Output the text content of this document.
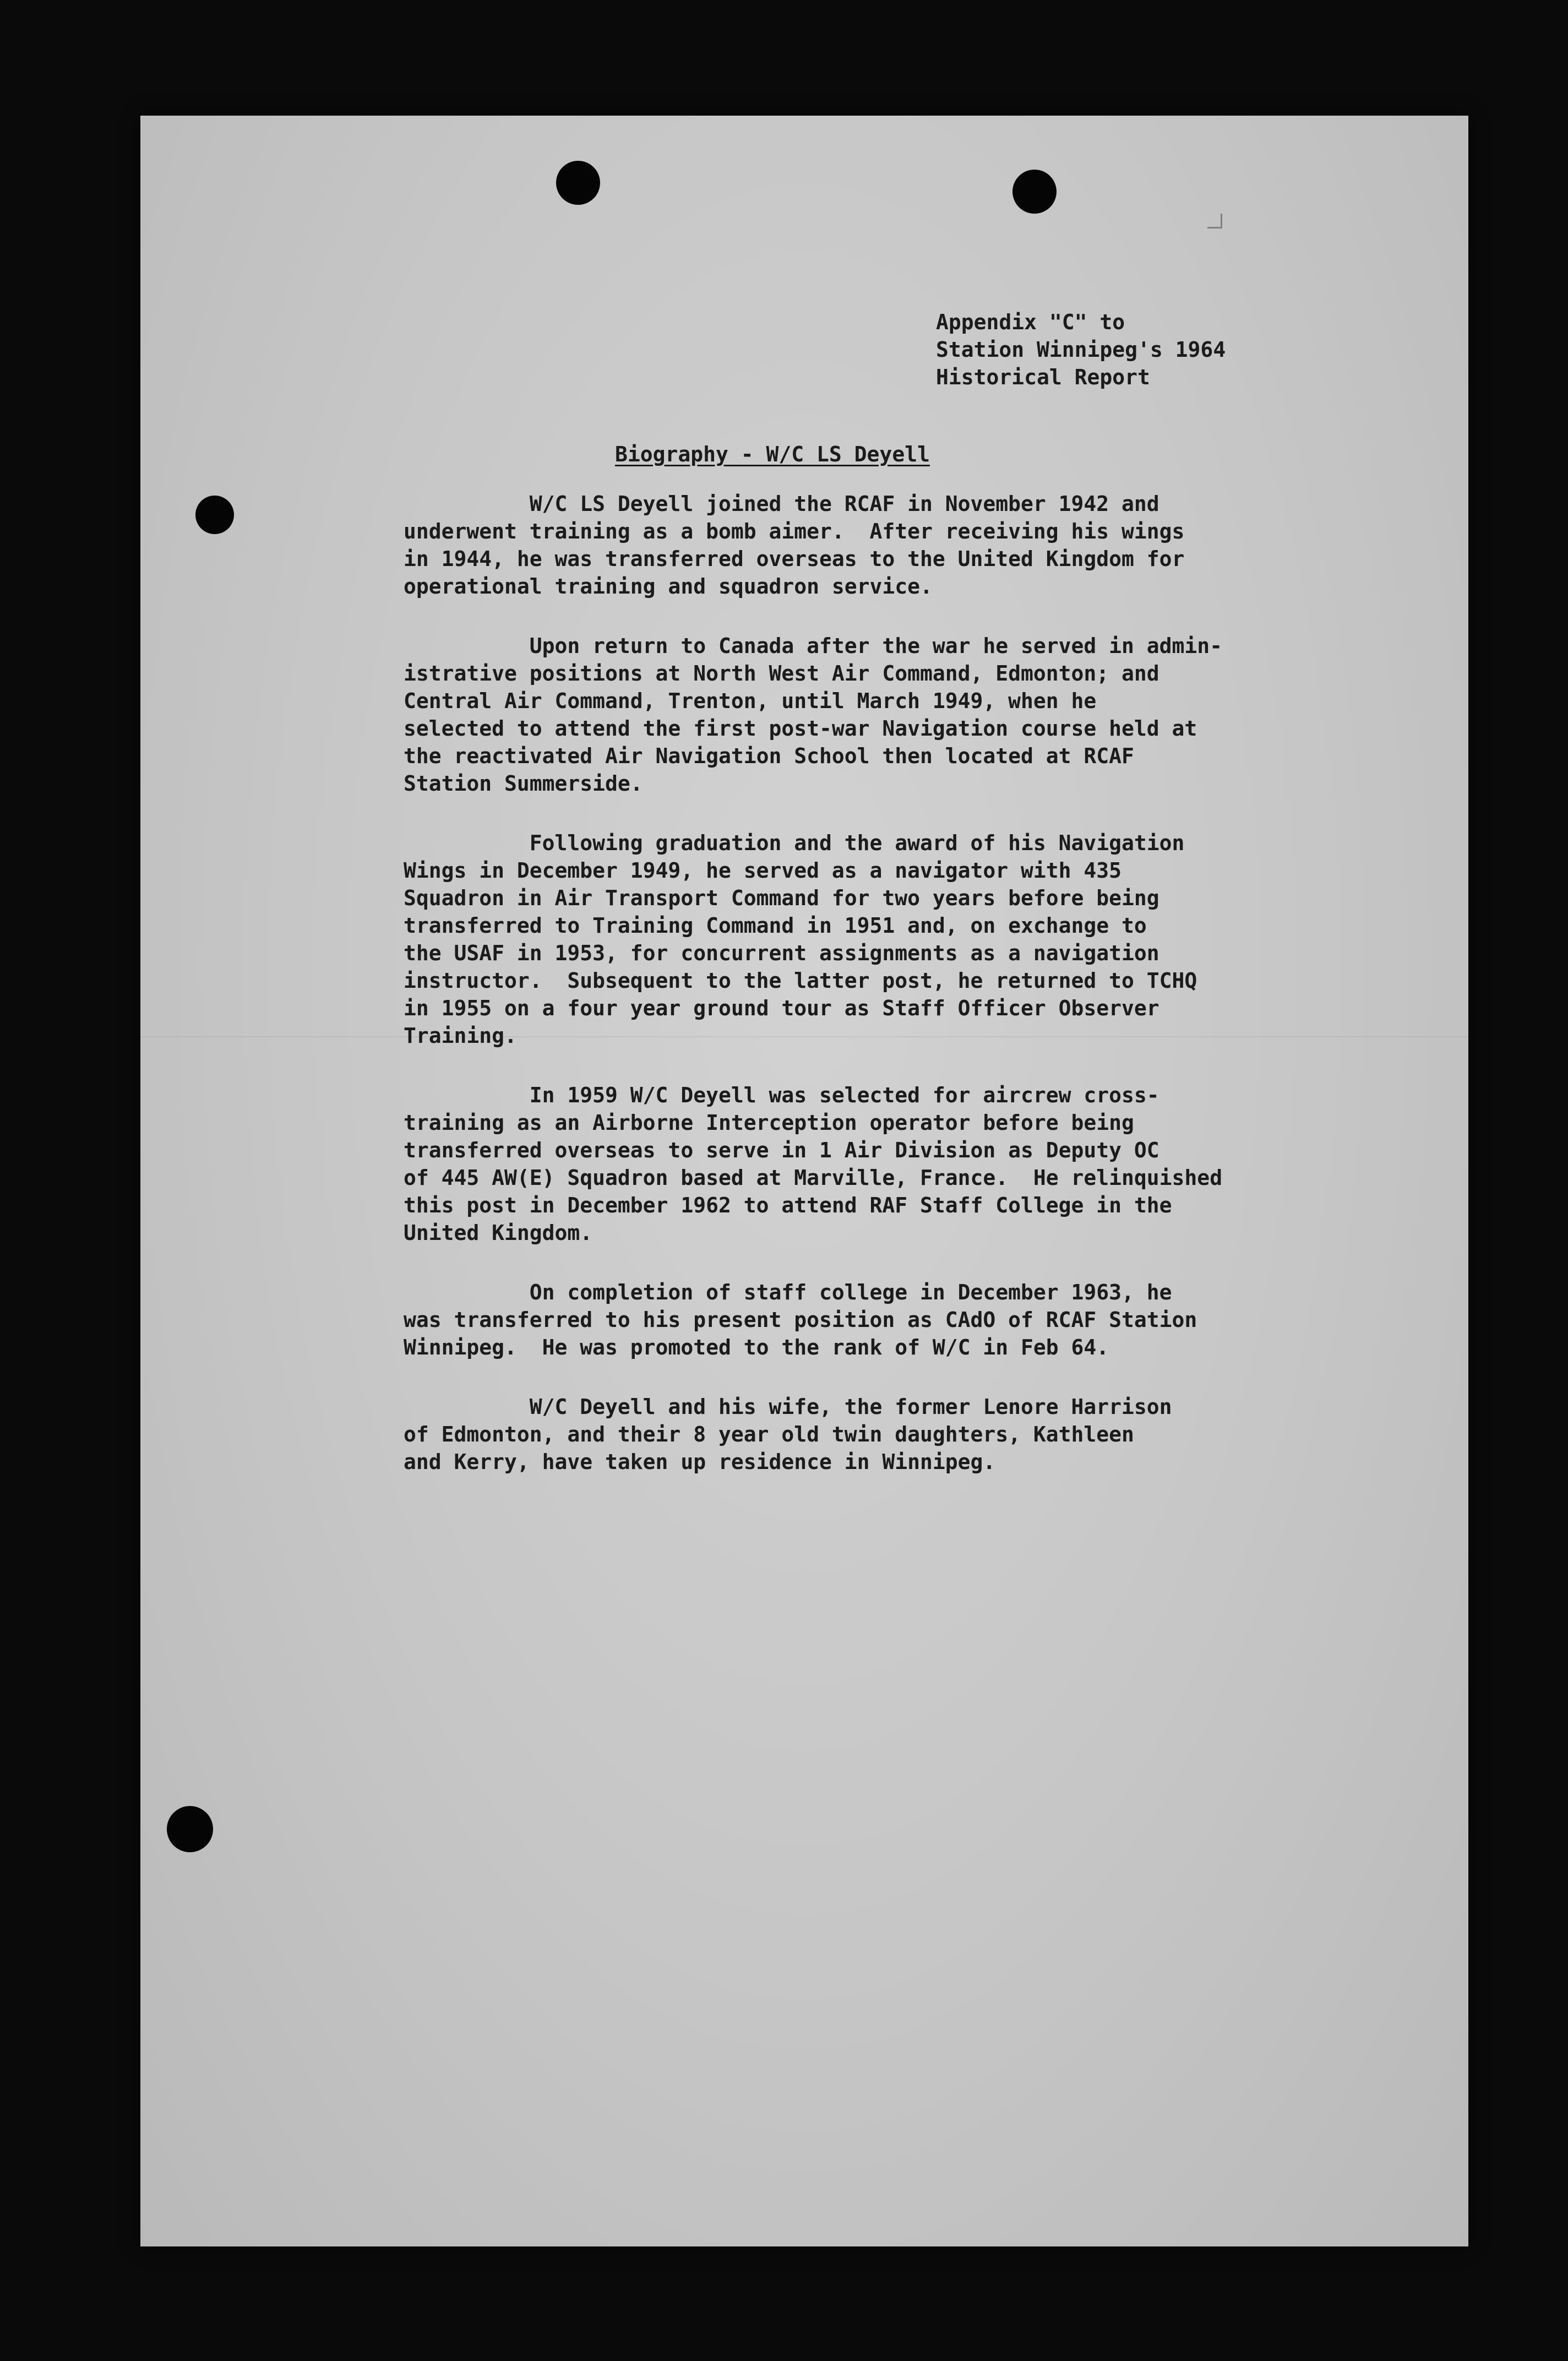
Appendix "C" to

Station Winnipeg's 1964

Historical Report

Biography - W/C LS Deyell

W/C LS Deyell joined the RCAF in November 1942 and
underwent training as a bomb aimer.  After receiving his wings
in 1944, he was transferred overseas to the United Kingdom for
operational training and squadron service.

Upon return to Canada after the war he served in admin-
istrative positions at North West Air Command, Edmonton; and
Central Air Command, Trenton, until March 1949, when he
selected to attend the first post-war Navigation course held at
the reactivated Air Navigation School then located at RCAF
Station Summerside.

Following graduation and the award of his Navigation
Wings in December 1949, he served as a navigator with 435
Squadron in Air Transport Command for two years before being
transferred to Training Command in 1951 and, on exchange to
the USAF in 1953, for concurrent assignments as a navigation
instructor.  Subsequent to the latter post, he returned to TCHQ
in 1955 on a four year ground tour as Staff Officer Observer
Training.

In 1959 W/C Deyell was selected for aircrew cross-
training as an Airborne Interception operator before being
transferred overseas to serve in 1 Air Division as Deputy OC
of 445 AW(E) Squadron based at Marville, France.  He relinquished
this post in December 1962 to attend RAF Staff College in the
United Kingdom.

On completion of staff college in December 1963, he
was transferred to his present position as CAdO of RCAF Station
Winnipeg.  He was promoted to the rank of W/C in Feb 64.

W/C Deyell and his wife, the former Lenore Harrison
of Edmonton, and their 8 year old twin daughters, Kathleen
and Kerry, have taken up residence in Winnipeg.
